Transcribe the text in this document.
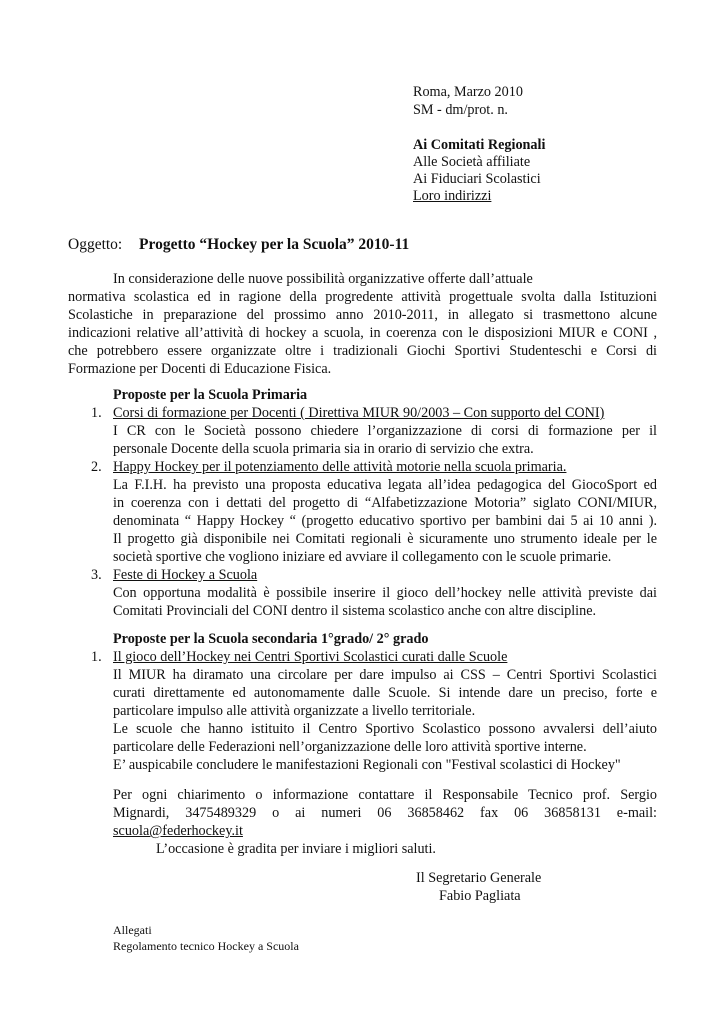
Roma, Marzo 2010
SM - dm/prot. n.
Ai Comitati Regionali
Alle Società affiliate
Ai Fiduciari Scolastici
Loro indirizzi
Oggetto: Progetto “Hockey per la Scuola” 2010-11
In considerazione delle nuove possibilità organizzative offerte dall’attuale
normativa scolastica ed in ragione della progredente attività progettuale svolta dalla Istituzioni
Scolastiche in preparazione del prossimo anno 2010-2011, in allegato si trasmettono alcune
indicazioni relative all’attività di hockey a scuola, in coerenza con le disposizioni MIUR e CONI ,
che potrebbero essere organizzate oltre i tradizionali Giochi Sportivi Studenteschi e Corsi di
Formazione per Docenti di Educazione Fisica.
Proposte per la Scuola Primaria
1. Corsi di formazione per Docenti ( Direttiva MIUR 90/2003 – Con supporto del CONI)
I CR con le Società possono chiedere l’organizzazione di corsi di formazione per il
personale Docente della scuola primaria sia in orario di servizio che extra.
2. Happy Hockey per il potenziamento delle attività motorie nella scuola primaria.
La F.I.H. ha previsto una proposta educativa legata all’idea pedagogica del GiocoSport ed
in coerenza con i dettati del progetto di “Alfabetizzazione Motoria” siglato CONI/MIUR,
denominata “ Happy Hockey “ (progetto educativo sportivo per bambini dai 5 ai 10 anni ).
Il progetto già disponibile nei Comitati regionali è sicuramente uno strumento ideale per le
società sportive che vogliono iniziare ed avviare il collegamento con le scuole primarie.
3. Feste di Hockey a Scuola
Con opportuna modalità è possibile inserire il gioco dell’hockey nelle attività previste dai
Comitati Provinciali del CONI dentro il sistema scolastico anche con altre discipline.
Proposte per la Scuola secondaria 1°grado/ 2° grado
1. Il gioco dell’Hockey nei Centri Sportivi Scolastici curati dalle Scuole
Il MIUR ha diramato una circolare per dare impulso ai CSS – Centri Sportivi Scolastici
curati direttamente ed autonomamente dalle Scuole. Si intende dare un preciso, forte e
particolare impulso alle attività organizzate a livello territoriale.
Le scuole che hanno istituito il Centro Sportivo Scolastico possono avvalersi dell’aiuto
particolare delle Federazioni nell’organizzazione delle loro attività sportive interne.
E’ auspicabile concludere le manifestazioni Regionali con "Festival scolastici di Hockey"
Per ogni chiarimento o informazione contattare il Responsabile Tecnico prof. Sergio
Mignardi, 3475489329 o ai numeri 06 36858462 fax 06 36858131 e-mail:
scuola@federhockey.it
L’occasione è gradita per inviare i migliori saluti.
Il Segretario Generale
Fabio Pagliata
Allegati
Regolamento tecnico Hockey a Scuola
